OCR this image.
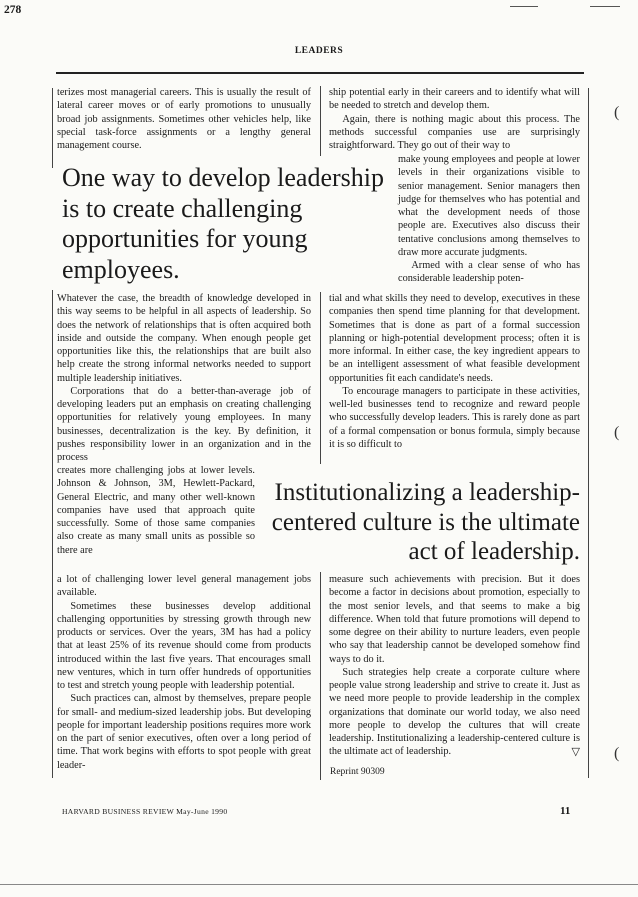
278
LEADERS
(
(
(

terizes most managerial careers. This is usually the result of lateral career moves or of early promotions to unusually broad job assignments. Sometimes other vehicles help, like special task-force assignments or a lengthy general management course.

ship potential early in their careers and to identify what will be needed to stretch and develop them.

Again, there is nothing magic about this process. The methods successful companies use are surprisingly straightforward. They go out of their way to

make young employees and people at lower levels in their organizations visible to senior management. Senior managers then judge for themselves who has potential and what the development needs of those people are. Executives also discuss their tentative conclusions among themselves to draw more accurate judgments.

Armed with a clear sense of who has considerable leadership poten-

One way to develop leadership is to create challenging opportunities for young employees.

Whatever the case, the breadth of knowledge developed in this way seems to be helpful in all aspects of leadership. So does the network of relationships that is often acquired both inside and outside the company. When enough people get opportunities like this, the relationships that are built also help create the strong informal networks needed to support multiple leadership initiatives.

Corporations that do a better-than-average job of developing leaders put an emphasis on creating challenging opportunities for relatively young employees. In many businesses, decentralization is the key. By definition, it pushes responsibility lower in an organization and in the process

creates more challenging jobs at lower levels. Johnson & Johnson, 3M, Hewlett-Packard, General Electric, and many other well-known companies have used that approach quite successfully. Some of those same companies also create as many small units as possible so there are

tial and what skills they need to develop, executives in these companies then spend time planning for that development. Sometimes that is done as part of a formal succession planning or high-potential development process; often it is more informal. In either case, the key ingredient appears to be an intelligent assessment of what feasible development opportunities fit each candidate's needs.

To encourage managers to participate in these activities, well-led businesses tend to recognize and reward people who successfully develop leaders. This is rarely done as part of a formal compensation or bonus formula, simply because it is so difficult to

Institutionalizing a leadership-
centered culture is the ultimate
act of leadership.

a lot of challenging lower level general management jobs available.

Sometimes these businesses develop additional challenging opportunities by stressing growth through new products or services. Over the years, 3M has had a policy that at least 25% of its revenue should come from products introduced within the last five years. That encourages small new ventures, which in turn offer hundreds of opportunities to test and stretch young people with leadership potential.

Such practices can, almost by themselves, prepare people for small- and medium-sized leadership jobs. But developing people for important leadership positions requires more work on the part of senior executives, often over a long period of time. That work begins with efforts to spot people with great leader-

measure such achievements with precision. But it does become a factor in decisions about promotion, especially to the most senior levels, and that seems to make a big difference. When told that future promotions will depend to some degree on their ability to nurture leaders, even people who say that leadership cannot be developed somehow find ways to do it.

Such strategies help create a corporate culture where people value strong leadership and strive to create it. Just as we need more people to provide leadership in the complex organizations that dominate our world today, we also need more people to develop the cultures that will create leadership. Institutionalizing a leadership-centered culture is the ultimate act of leadership.	▽

Reprint 90309
HARVARD BUSINESS REVIEW May-June 1990	11
